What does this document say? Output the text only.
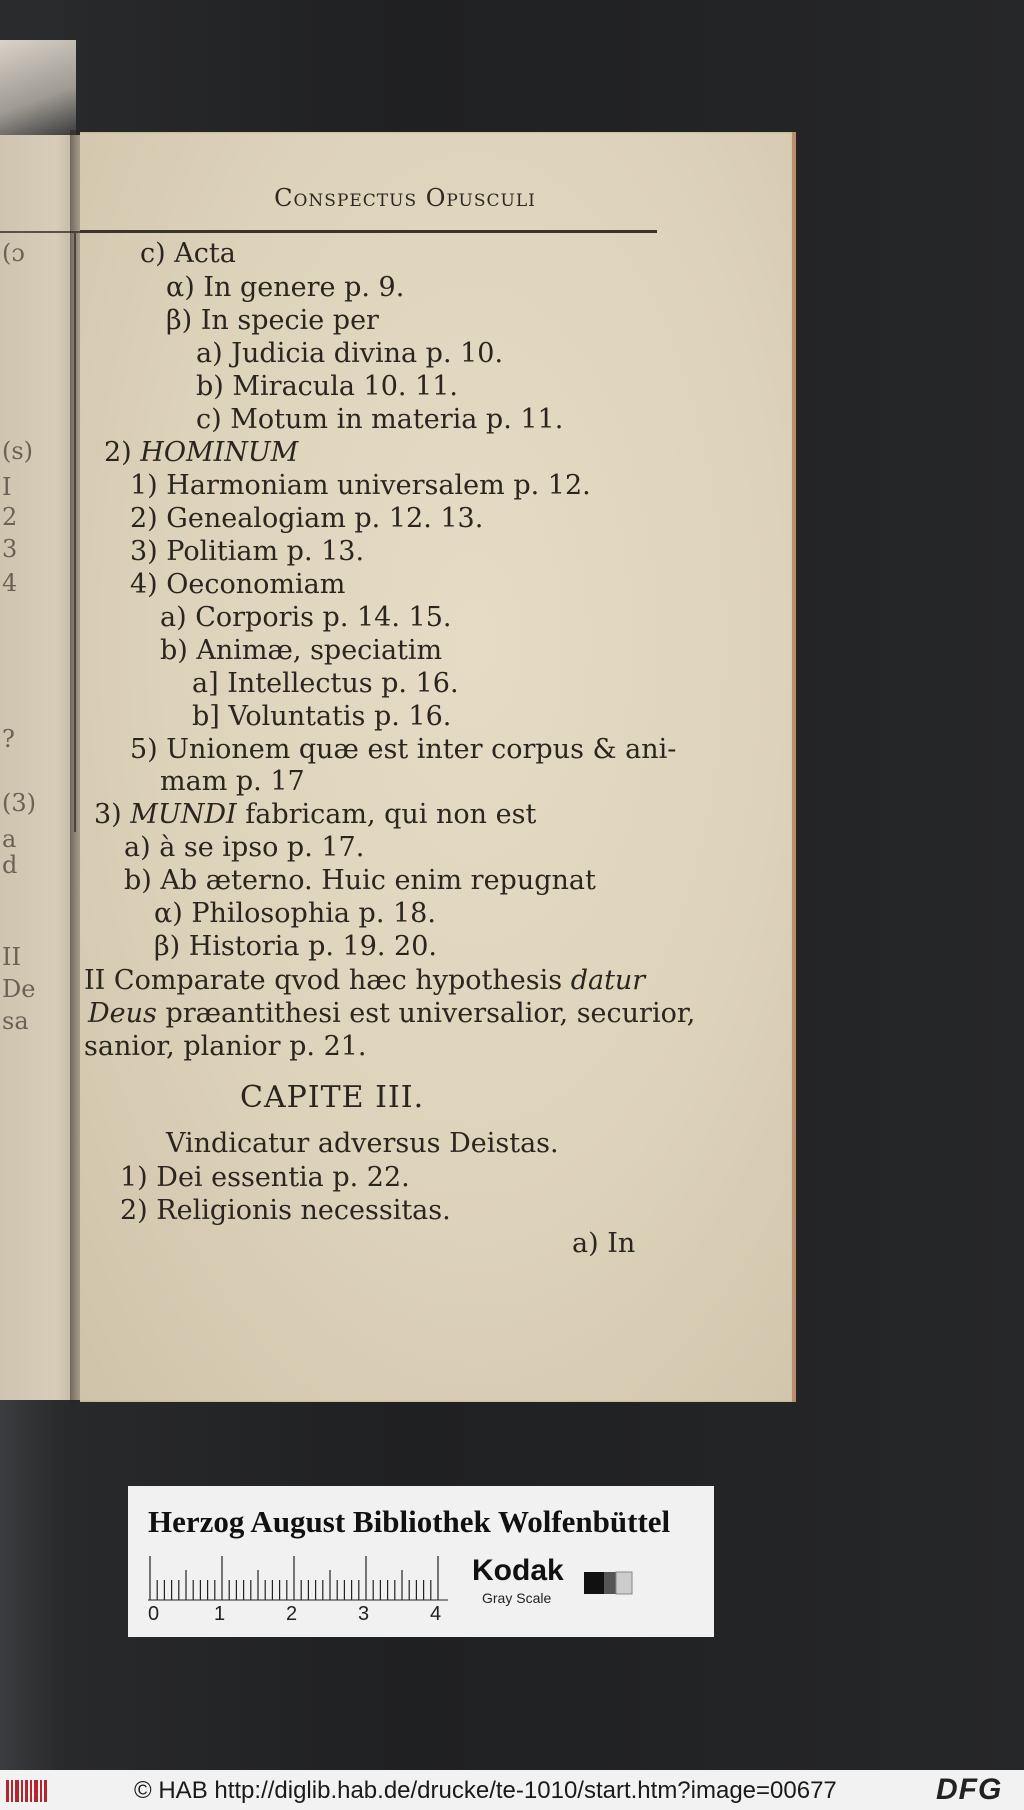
(ɔ
(s)
I
2
3
4
?
(3)
a
d
II
De
sa
Conspectus Opusculi
c) Acta
α) In genere p. 9.
β) In specie per
a) Judicia divina p. 10.
b) Miracula 10. 11.
c) Motum in materia p. 11.
2) HOMINUM
1) Harmoniam universalem p. 12.
2) Genealogiam p. 12. 13.
3) Politiam p. 13.
4) Oeconomiam
a) Corporis p. 14. 15.
b) Animæ, speciatim
a] Intellectus p. 16.
b] Voluntatis p. 16.
5) Unionem quæ est inter corpus & ani-
mam p. 17
3) MUNDI fabricam, qui non est
a) à se ipso p. 17.
b) Ab æterno. Huic enim repugnat
α) Philosophia p. 18.
β) Historia p. 19. 20.
II Comparate qvod hæc hypothesis datur
Deus præantithesi est universalior, securior,
sanior, planior p. 21.
CAPITE III.
Vindicatur adversus Deistas.
1) Dei essentia p. 22.
2) Religionis necessitas.
a) In
Herzog August Bibliothek Wolfenbüttel
0	1	2	3	4
Kodak
Gray Scale
© HAB http://diglib.hab.de/drucke/te-1010/start.htm?image=00677	DFG
